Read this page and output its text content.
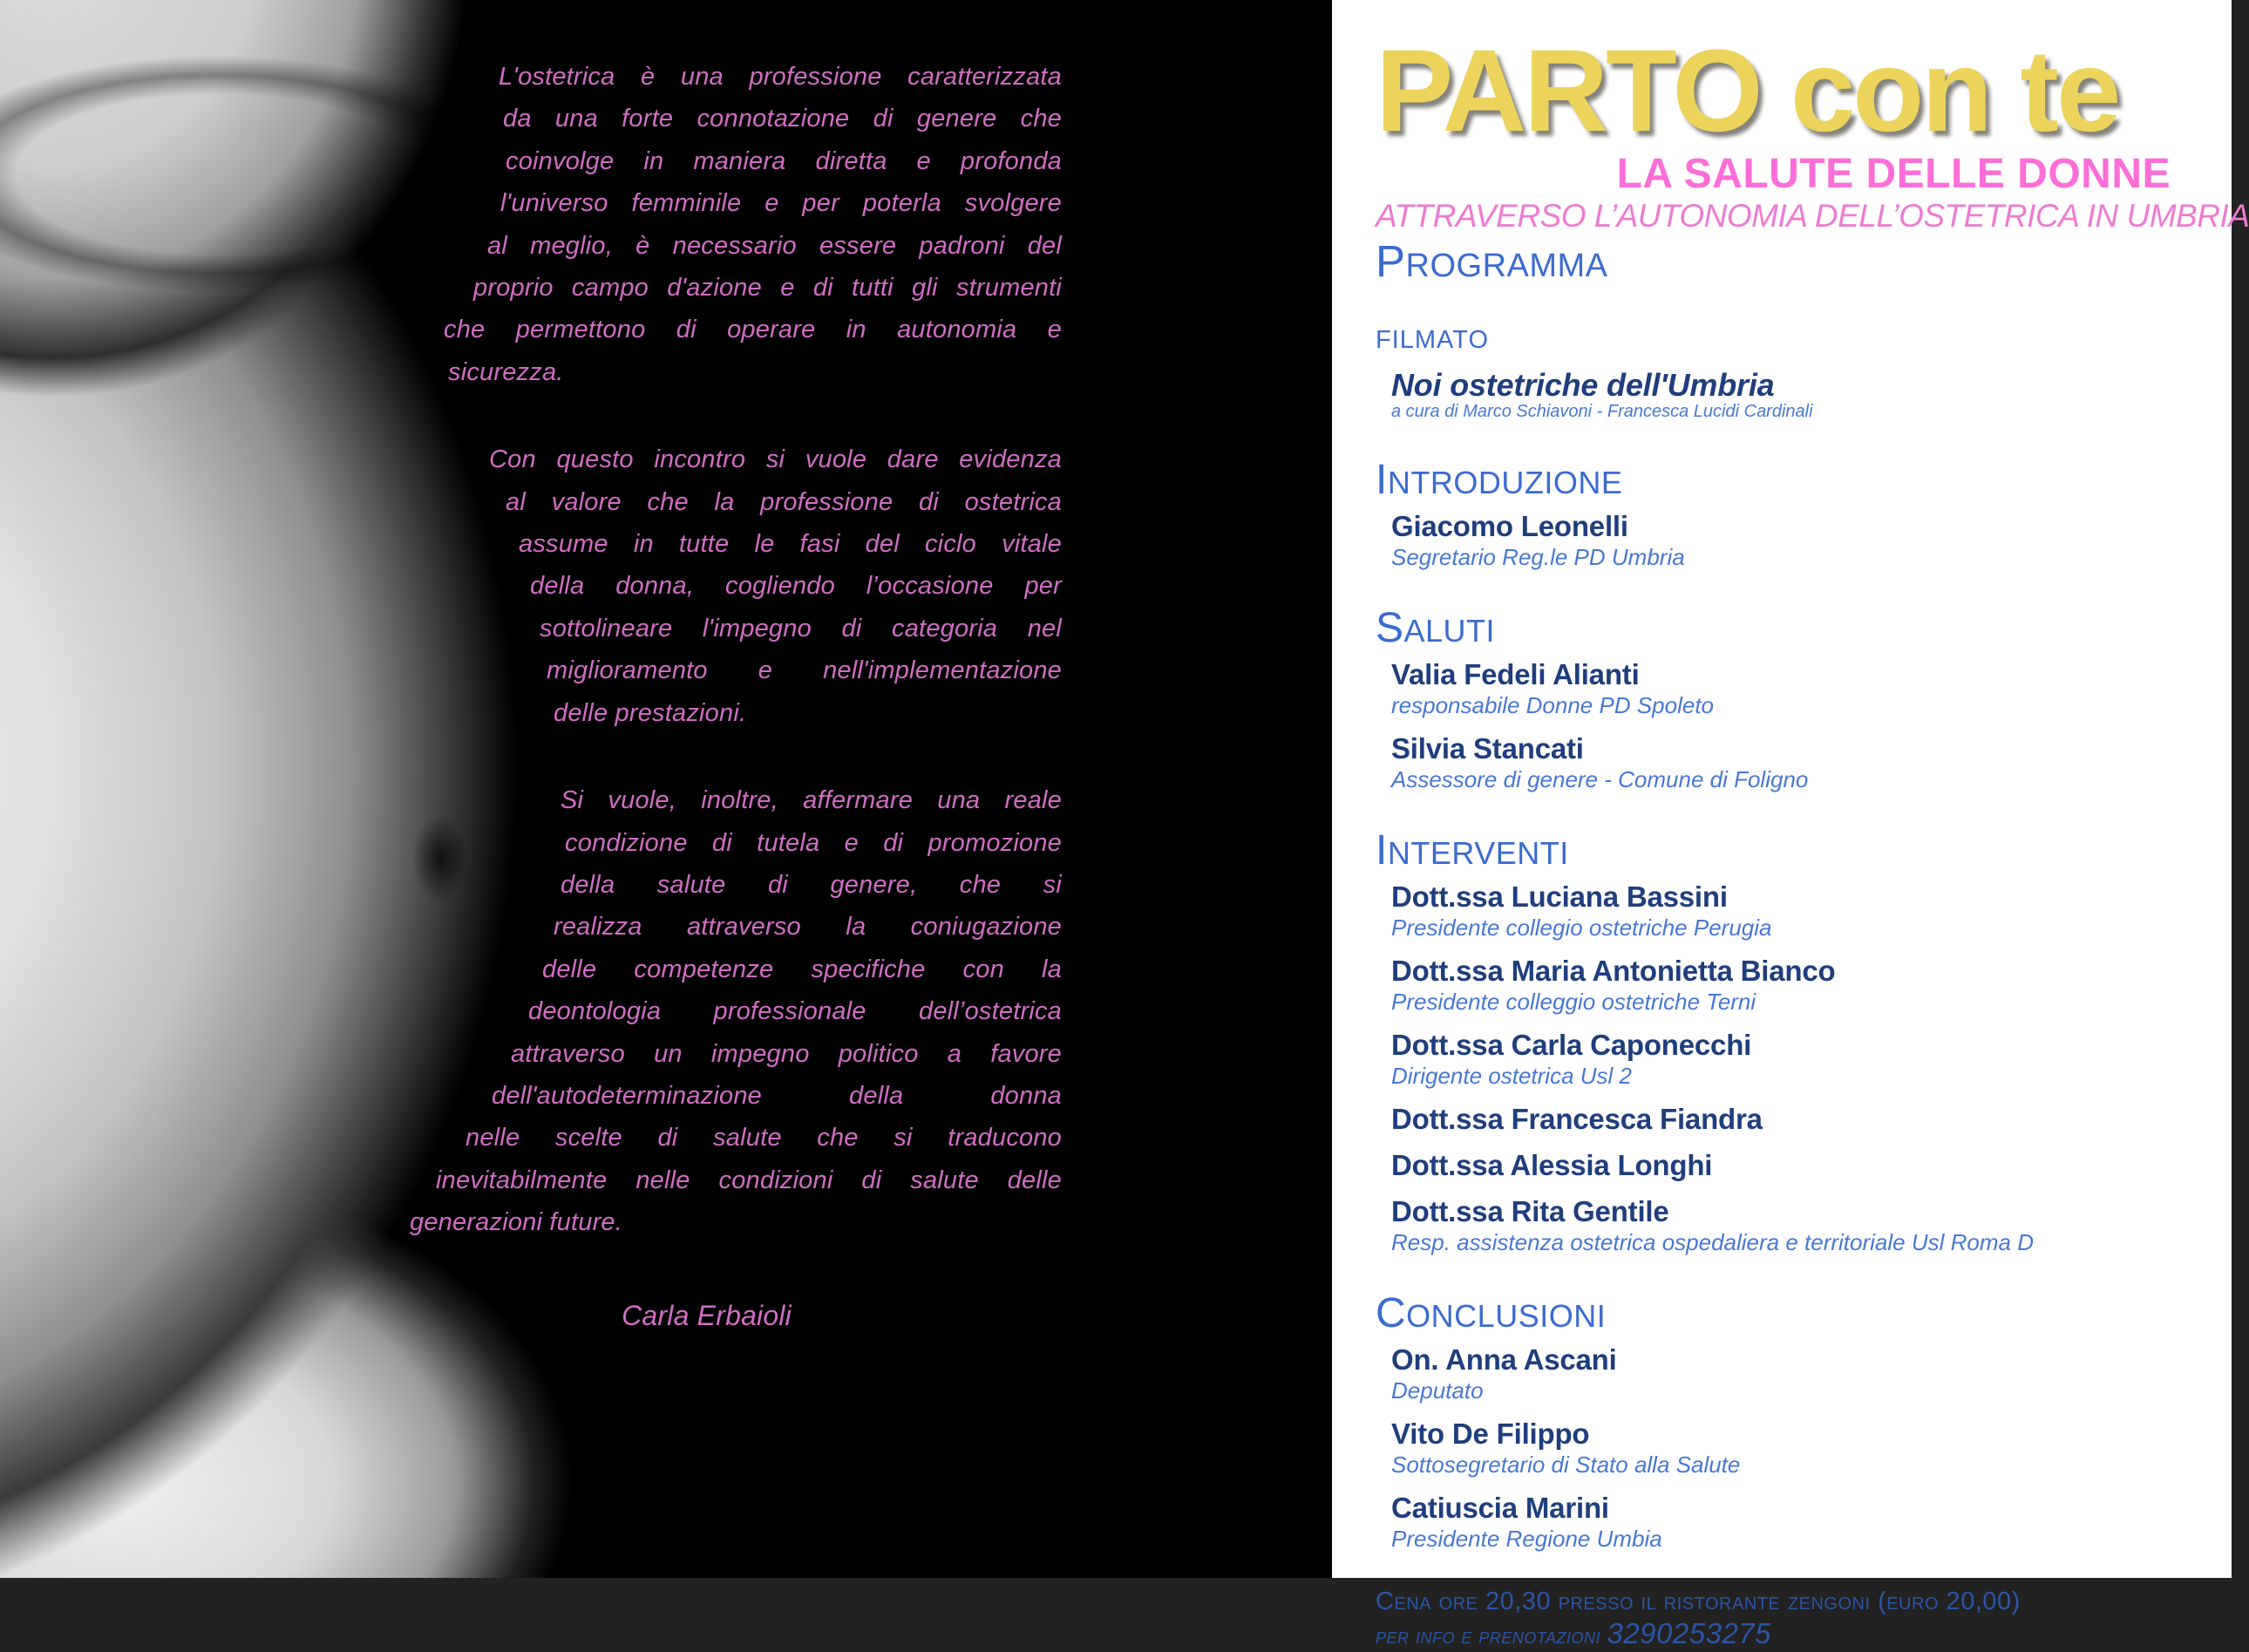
L'ostetrica è una professione caratterizzata
da una forte connotazione di genere che
coinvolge in maniera diretta e profonda
l'universo femminile e per poterla svolgere
al meglio, è necessario essere padroni del
proprio campo d'azione e di tutti gli strumenti
che permettono di operare in autonomia e
sicurezza.
Con questo incontro si vuole dare evidenza
al valore che la professione di ostetrica
assume in tutte le fasi del ciclo vitale
della donna, cogliendo l’occasione per
sottolineare l'impegno di categoria nel
miglioramento e nell'implementazione
delle prestazioni.
Si vuole, inoltre, affermare una reale
condizione di tutela e di promozione
della salute di genere, che si
realizza attraverso la coniugazione
delle competenze specifiche con la
deontologia professionale dell’ostetrica
attraverso un impegno politico a favore
dell'autodeterminazione della donna
nelle scelte di salute che si traducono
inevitabilmente nelle condizioni di salute delle
generazioni future.
Carla Erbaioli
PARTO con te
LA SALUTE DELLE DONNE
ATTRAVERSO L’AUTONOMIA DELL’OSTETRICA IN UMBRIA
PROGRAMMA
FILMATO
Noi ostetriche dell'Umbria
a cura di Marco Schiavoni - Francesca Lucidi Cardinali
INTRODUZIONE
Giacomo Leonelli
Segretario Reg.le PD Umbria
SALUTI
Valia Fedeli Alianti
responsabile Donne PD Spoleto
Silvia Stancati
Assessore di genere - Comune di Foligno
INTERVENTI
Dott.ssa Luciana Bassini
Presidente collegio ostetriche Perugia
Dott.ssa Maria Antonietta Bianco
Presidente colleggio ostetriche Terni
Dott.ssa Carla Caponecchi
Dirigente ostetrica Usl 2
Dott.ssa Francesca Fiandra
Dott.ssa Alessia Longhi
Dott.ssa Rita Gentile
Resp. assistenza ostetrica ospedaliera e territoriale Usl Roma D
CONCLUSIONI
On. Anna Ascani
Deputato
Vito De Filippo
Sottosegretario di Stato alla Salute
Catiuscia Marini
Presidente Regione Umbia
Cena ore 20,30 presso il ristorante zengoni (euro 20,00)
per info e prenotazioni 3290253275
